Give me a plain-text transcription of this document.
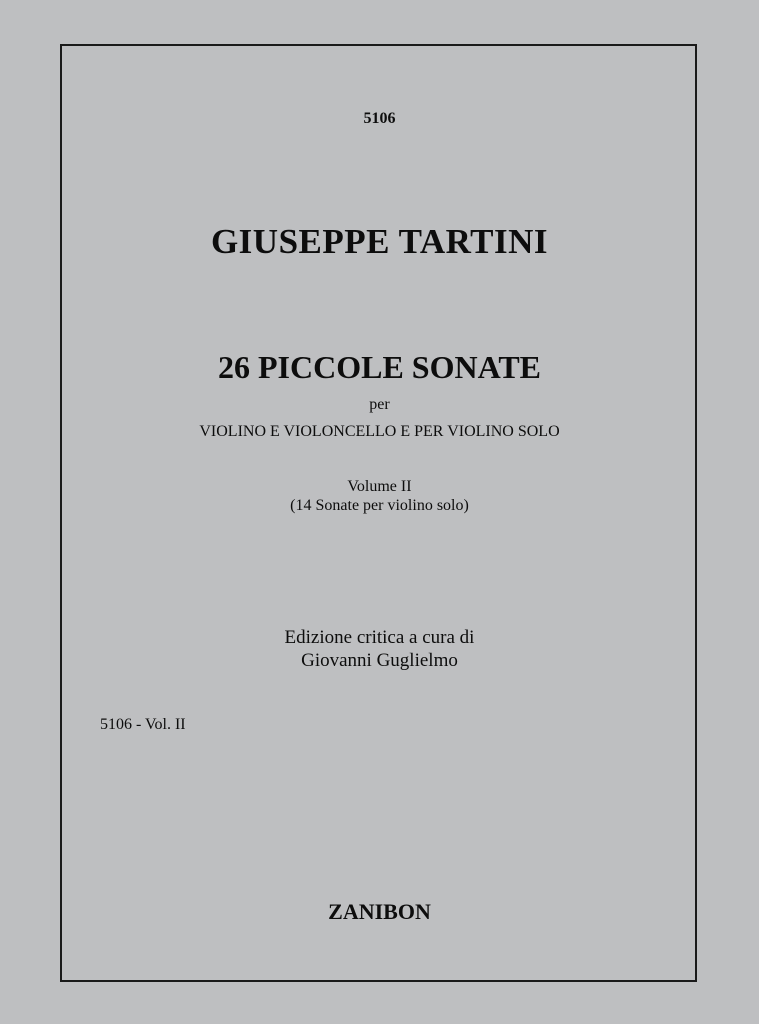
5106
GIUSEPPE TARTINI
26 PICCOLE SONATE
per
VIOLINO E VIOLONCELLO E PER VIOLINO SOLO
Volume II
(14 Sonate per violino solo)
Edizione critica a cura di
Giovanni Guglielmo
5106 - Vol. II
ZANIBON
